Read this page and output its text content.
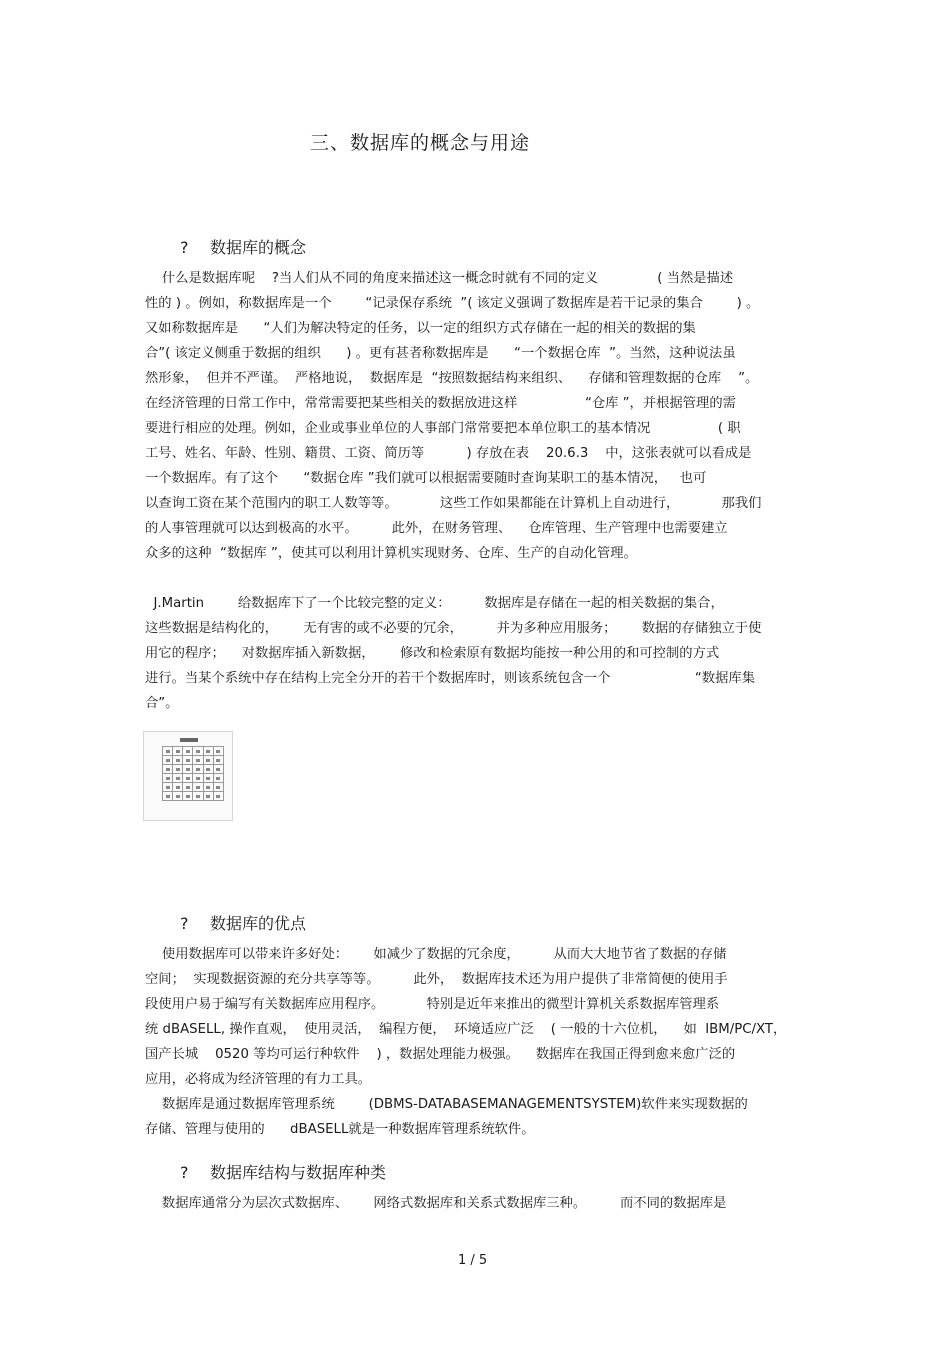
三、数据库的概念与用途
? 数据库的概念
什么是数据库呢    ?当人们从不同的角度来描述这一概念时就有不同的定义              ( 当然是描述
性的 ) 。例如，称数据库是一个        “记录保存系统  ”( 该定义强调了数据库是若干记录的集合        ) 。
又如称数据库是      “人们为解决特定的任务，以一定的组织方式存储在一起的相关的数据的集
合”( 该定义侧重于数据的组织      ) 。更有甚者称数据库是      “一个数据仓库  ”。当然，这种说法虽
然形象，  但并不严谨。  严格地说，  数据库是  “按照数据结构来组织、    存储和管理数据的仓库    ”。
在经济管理的日常工作中，常常需要把某些相关的数据放进这样                “仓库 ”，并根据管理的需
要进行相应的处理。例如，企业或事业单位的人事部门常常要把本单位职工的基本情况                ( 职
工号、姓名、年龄、性别、籍贯、工资、简历等          ) 存放在表    20.6.3    中，这张表就可以看成是
一个数据库。有了这个      “数据仓库 ”我们就可以根据需要随时查询某职工的基本情况，   也可
以查询工资在某个范围内的职工人数等等。          这些工作如果都能在计算机上自动进行，          那我们
的人事管理就可以达到极高的水平。        此外，在财务管理、    仓库管理、生产管理中也需要建立
众多的这种  “数据库 ”，使其可以利用计算机实现财务、仓库、生产的自动化管理。
J.Martin        给数据库下了一个比较完整的定义：        数据库是存储在一起的相关数据的集合，
这些数据是结构化的，      无有害的或不必要的冗余，        并为多种应用服务；      数据的存储独立于使
用它的程序；    对数据库插入新数据，      修改和检索原有数据均能按一种公用的和可控制的方式
进行。当某个系统中存在结构上完全分开的若干个数据库时，则该系统包含一个                    “数据库集
合”。

? 数据库的优点
使用数据库可以带来许多好处：      如减少了数据的冗余度，        从而大大地节省了数据的存储
空间；  实现数据资源的充分共享等等。        此外，  数据库技术还为用户提供了非常简便的使用手
段使用户易于编写有关数据库应用程序。          特别是近年来推出的微型计算机关系数据库管理系
统 dBASELL, 操作直观，  使用灵活，  编程方便，  环境适应广泛    ( 一般的十六位机，    如  IBM/PC/XT，
国产长城    0520 等均可运行种软件    ) ，数据处理能力极强。    数据库在我国正得到愈来愈广泛的
应用，必将成为经济管理的有力工具。
数据库是通过数据库管理系统        (DBMS-DATABASEMANAGEMENTSYSTEM)软件来实现数据的
存储、管理与使用的      dBASELL就是一种数据库管理系统软件。
? 数据库结构与数据库种类
数据库通常分为层次式数据库、      网络式数据库和关系式数据库三种。        而不同的数据库是
1 / 5
